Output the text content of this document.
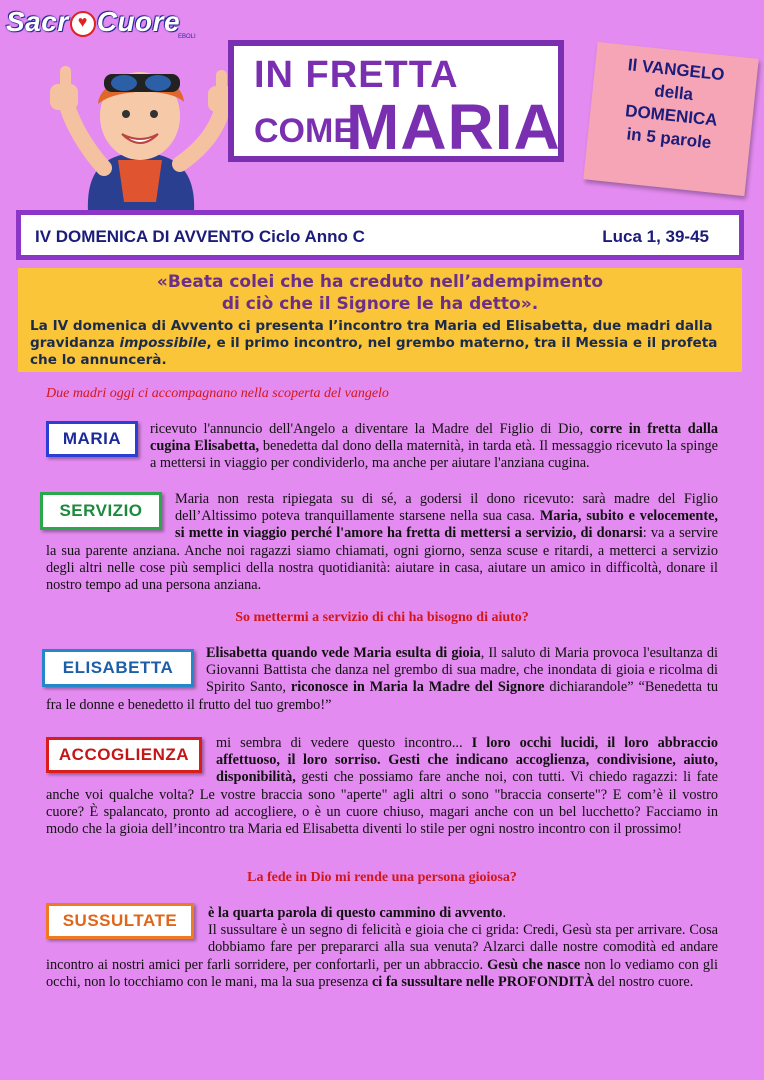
Sacr ♥ Cuore
EBOLI
IN FRETTA
COME
MARIA
Il VANGELO
della
DOMENICA
in 5 parole
IV DOMENICA DI AVVENTO Ciclo Anno C	Luca 1, 39-45
«Beata colei che ha creduto nell’adempimento
di ciò che il Signore le ha detto».
La IV domenica di Avvento ci presenta l’incontro tra Maria ed Elisabetta, due madri dalla gravidanza impossibile, e il primo incontro, nel grembo materno, tra il Messia e il profeta che lo annuncerà.
Due madri oggi ci accompagnano nella scoperta del vangelo
MARIA	ricevuto l'annuncio dell'Angelo a diventare la Madre del Figlio di Dio, corre in fretta dalla cugina Elisabetta, benedetta dal dono della maternità, in tarda età. Il messaggio ricevuto la spinge a mettersi in viaggio per condividerlo, ma anche per aiutare l'anziana cugina.
SERVIZIO
Maria non resta ripiegata su di sé, a godersi il dono ricevuto: sarà madre del Figlio dell’Altissimo poteva tranquillamente starsene nella sua casa. Maria, subito e velocemente, si mette in viaggio perché l'amore ha fretta di mettersi a servizio, di donarsi: va a servire la sua parente anziana. Anche noi ragazzi siamo chiamati, ogni giorno, senza scuse e ritardi, a metterci a servizio degli altri nelle cose più semplici della nostra quotidianità: aiutare in casa, aiutare un amico in difficoltà, donare il nostro tempo ad una persona anziana.
So mettermi a servizio di chi ha bisogno di aiuto?
ELISABETTA
Elisabetta quando vede Maria esulta di gioia, Il saluto di Maria provoca l'esultanza di Giovanni Battista che danza nel grembo di sua madre, che inondata di gioia e ricolma di Spirito Santo, riconosce in Maria la Madre del Signore dichiarandole” “Benedetta tu fra le donne e benedetto il frutto del tuo grembo!”
ACCOGLIENZA
mi sembra di vedere questo incontro... I loro occhi lucidi, il loro abbraccio affettuoso, il loro sorriso. Gesti che indicano accoglienza, condivisione, aiuto, disponibilità, gesti che possiamo fare anche noi, con tutti. Vi chiedo ragazzi: li fate anche voi qualche volta? Le vostre braccia sono "aperte" agli altri o sono "braccia conserte"? E com’è il vostro cuore? È spalancato, pronto ad accogliere, o è un cuore chiuso, magari anche con un bel lucchetto? Facciamo in modo che la gioia dell’incontro tra Maria ed Elisabetta diventi lo stile per ogni nostro incontro con il prossimo!
La fede in Dio mi rende una persona gioiosa?
SUSSULTATE	è la quarta parola di questo cammino di avvento.
Il sussultare è un segno di felicità e gioia che ci grida: Credi, Gesù sta per arrivare. Cosa dobbiamo fare per prepararci alla sua venuta? Alzarci dalle nostre comodità ed andare incontro ai nostri amici per farli sorridere, per confortarli, per un abbraccio. Gesù che nasce non lo vediamo con gli occhi, non lo tocchiamo con le mani, ma la sua presenza ci fa sussultare nelle PROFONDITÀ del nostro cuore.
